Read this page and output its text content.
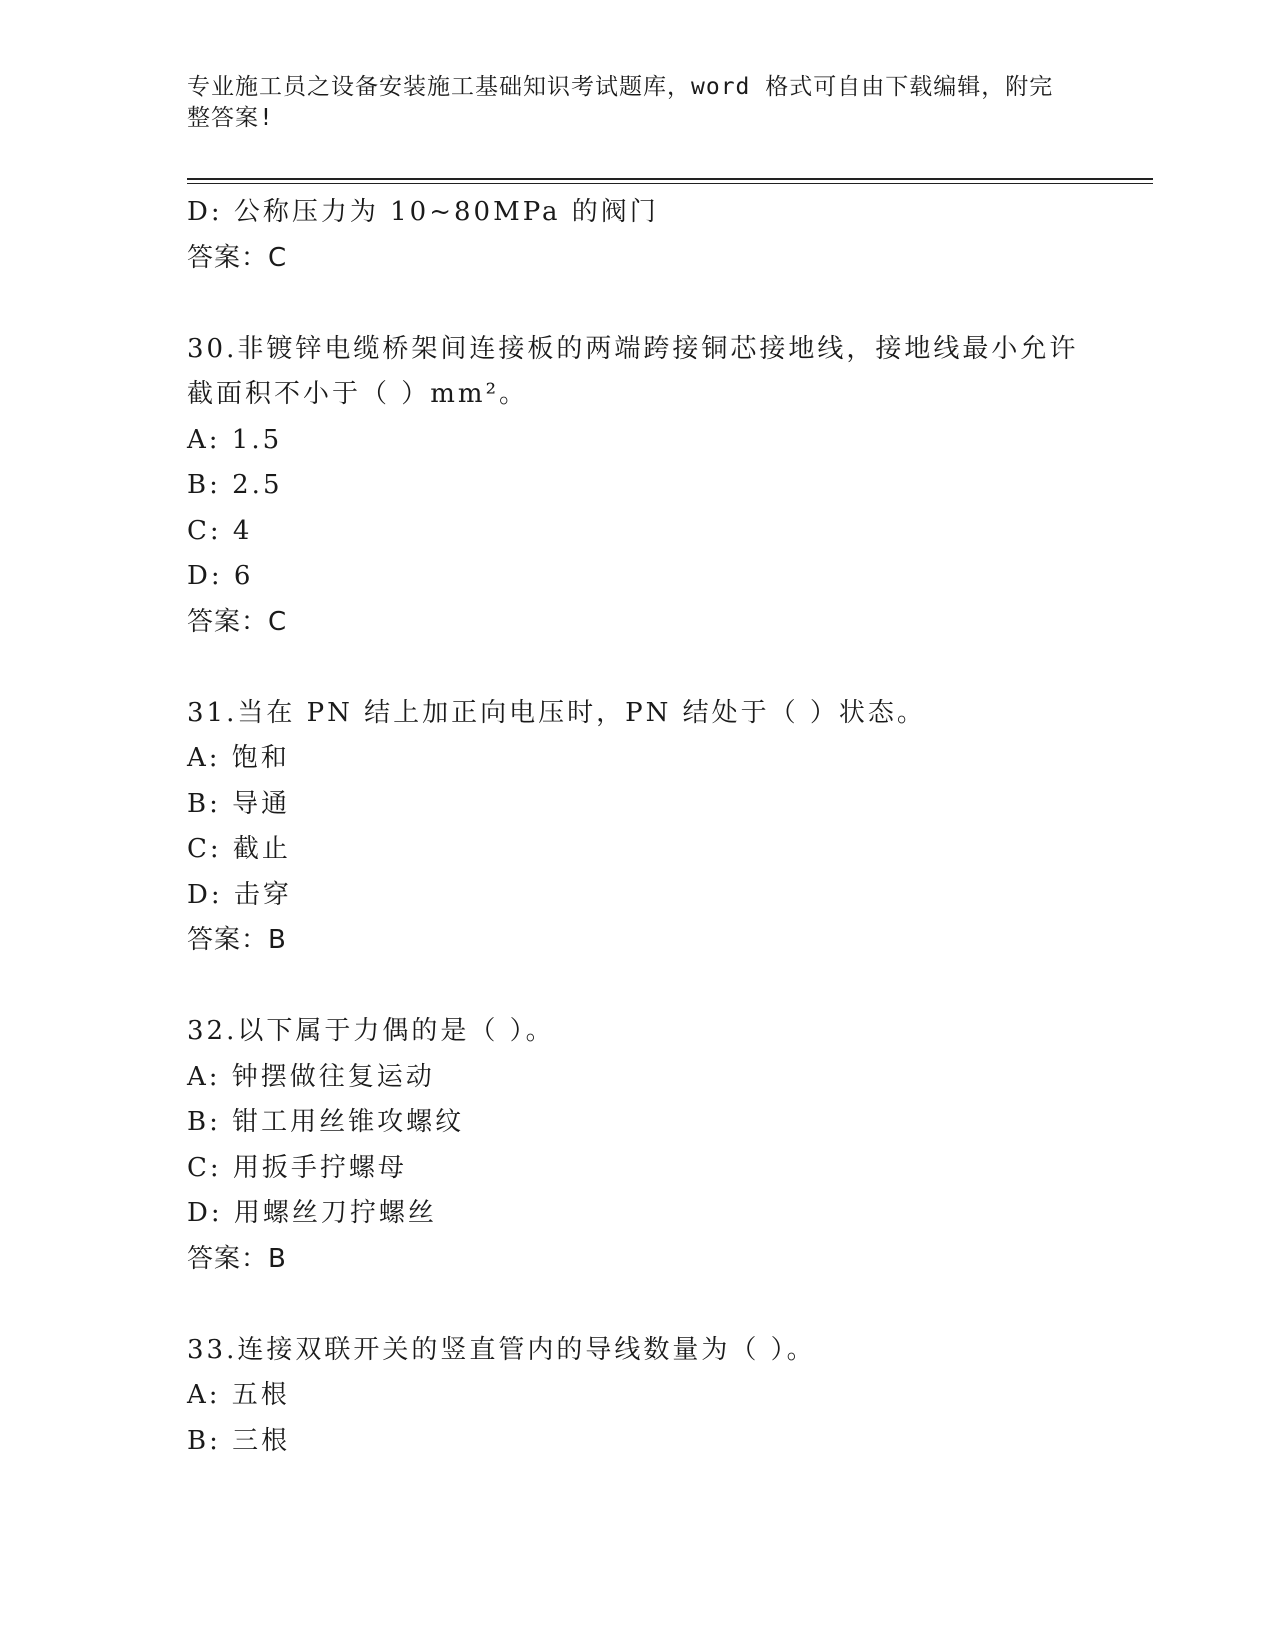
专业施工员之设备安装施工基础知识考试题库，word 格式可自由下载编辑，附完
整答案!
D: 公称压力为 10~80MPa 的阀门
答案：C
30.非镀锌电缆桥架间连接板的两端跨接铜芯接地线，接地线最小允许
截面积不小于（ ）mm²。
A: 1.5
B: 2.5
C: 4
D: 6
答案：C
31.当在 PN 结上加正向电压时，PN 结处于（ ）状态。
A: 饱和
B: 导通
C: 截止
D: 击穿
答案：B
32.以下属于力偶的是（ ）。
A: 钟摆做往复运动
B: 钳工用丝锥攻螺纹
C: 用扳手拧螺母
D: 用螺丝刀拧螺丝
答案：B
33.连接双联开关的竖直管内的导线数量为（ ）。
A: 五根
B: 三根
